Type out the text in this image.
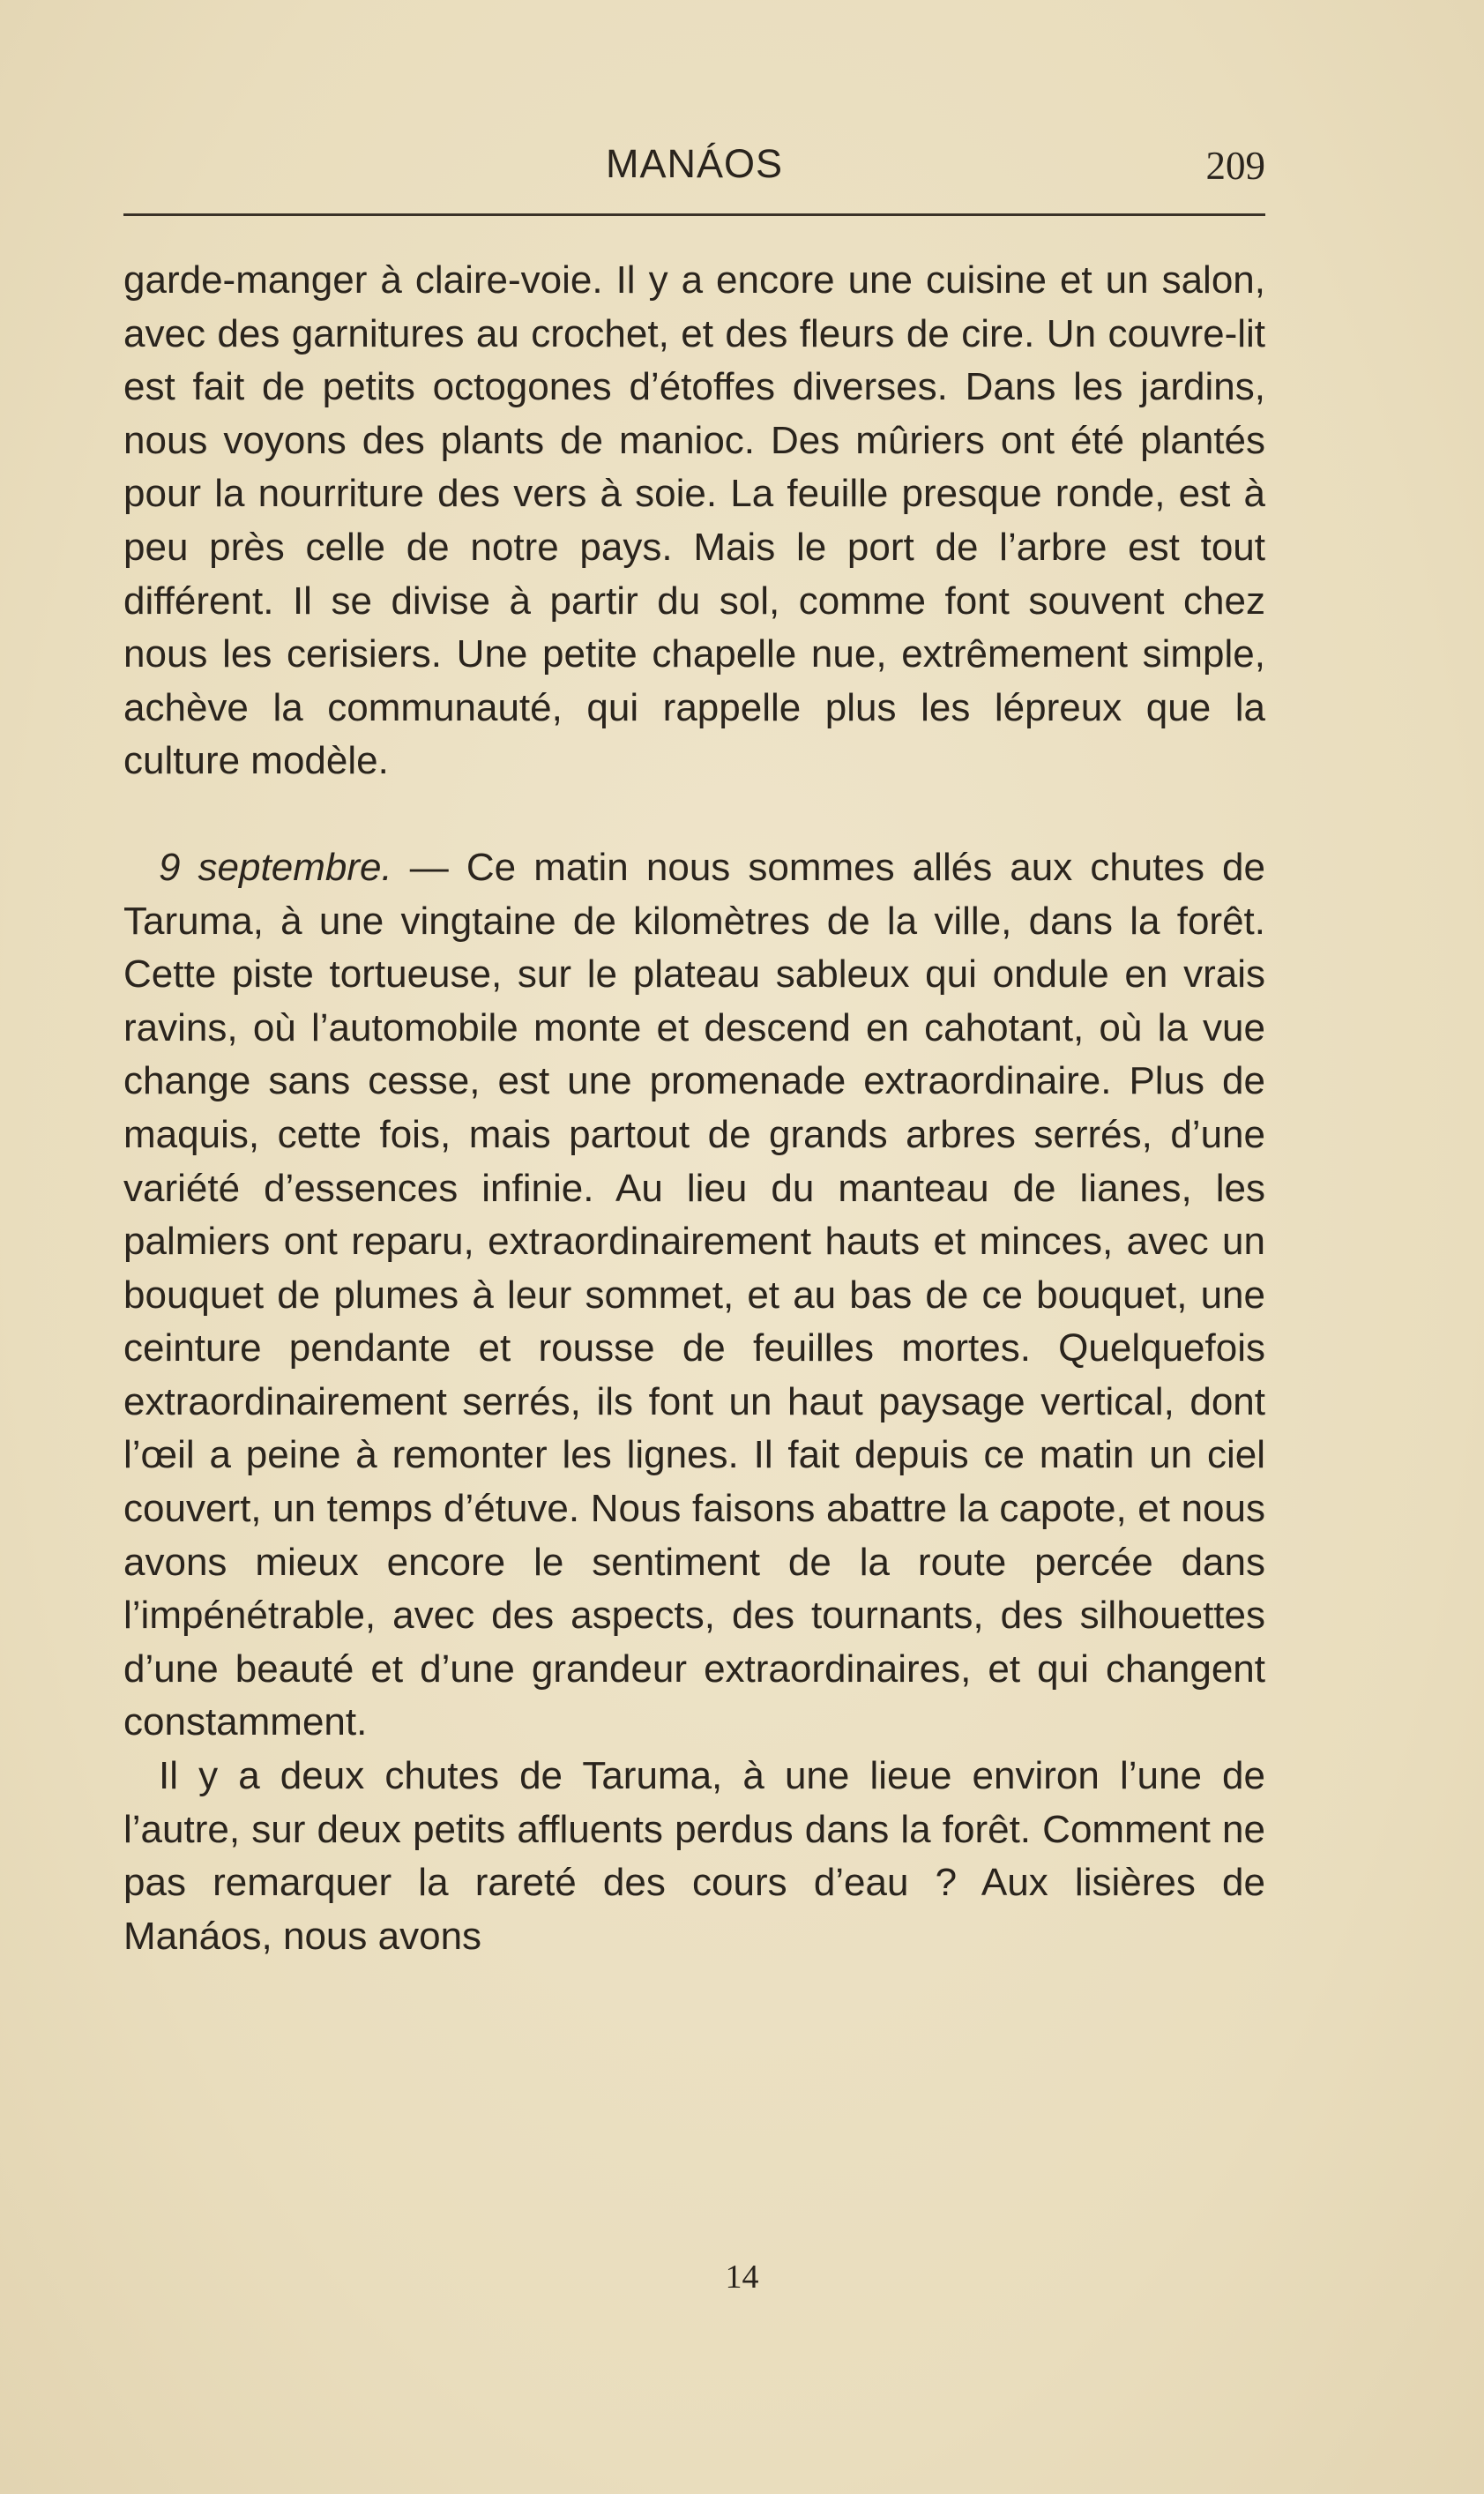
MANÁOS	209

garde-manger à claire-voie. Il y a encore une cuisine et un salon, avec des garnitures au crochet, et des fleurs de cire. Un couvre-lit est fait de petits octogones d’étoffes diverses. Dans les jardins, nous voyons des plants de manioc. Des mûriers ont été plantés pour la nourriture des vers à soie. La feuille presque ronde, est à peu près celle de notre pays. Mais le port de l’arbre est tout différent. Il se divise à partir du sol, comme font souvent chez nous les cerisiers. Une petite chapelle nue, extrêmement simple, achève la communauté, qui rappelle plus les lépreux que la culture modèle.

9 septembre. — Ce matin nous sommes allés aux chutes de Taruma, à une vingtaine de kilomètres de la ville, dans la forêt. Cette piste tortueuse, sur le plateau sableux qui ondule en vrais ravins, où l’automobile monte et descend en cahotant, où la vue change sans cesse, est une promenade extraordinaire. Plus de maquis, cette fois, mais partout de grands arbres serrés, d’une variété d’essences infinie. Au lieu du manteau de lianes, les palmiers ont reparu, extraordinairement hauts et minces, avec un bouquet de plumes à leur sommet, et au bas de ce bouquet, une ceinture pendante et rousse de feuilles mortes. Quelquefois extraordinairement serrés, ils font un haut paysage vertical, dont l’œil a peine à remonter les lignes. Il fait depuis ce matin un ciel couvert, un temps d’étuve. Nous faisons abattre la capote, et nous avons mieux encore le sentiment de la route percée dans l’impénétrable, avec des aspects, des tournants, des silhouettes d’une beauté et d’une grandeur extraordinaires, et qui changent constamment.

Il y a deux chutes de Taruma, à une lieue environ l’une de l’autre, sur deux petits affluents perdus dans la forêt. Comment ne pas remarquer la rareté des cours d’eau ? Aux lisières de Manáos, nous avons

14
